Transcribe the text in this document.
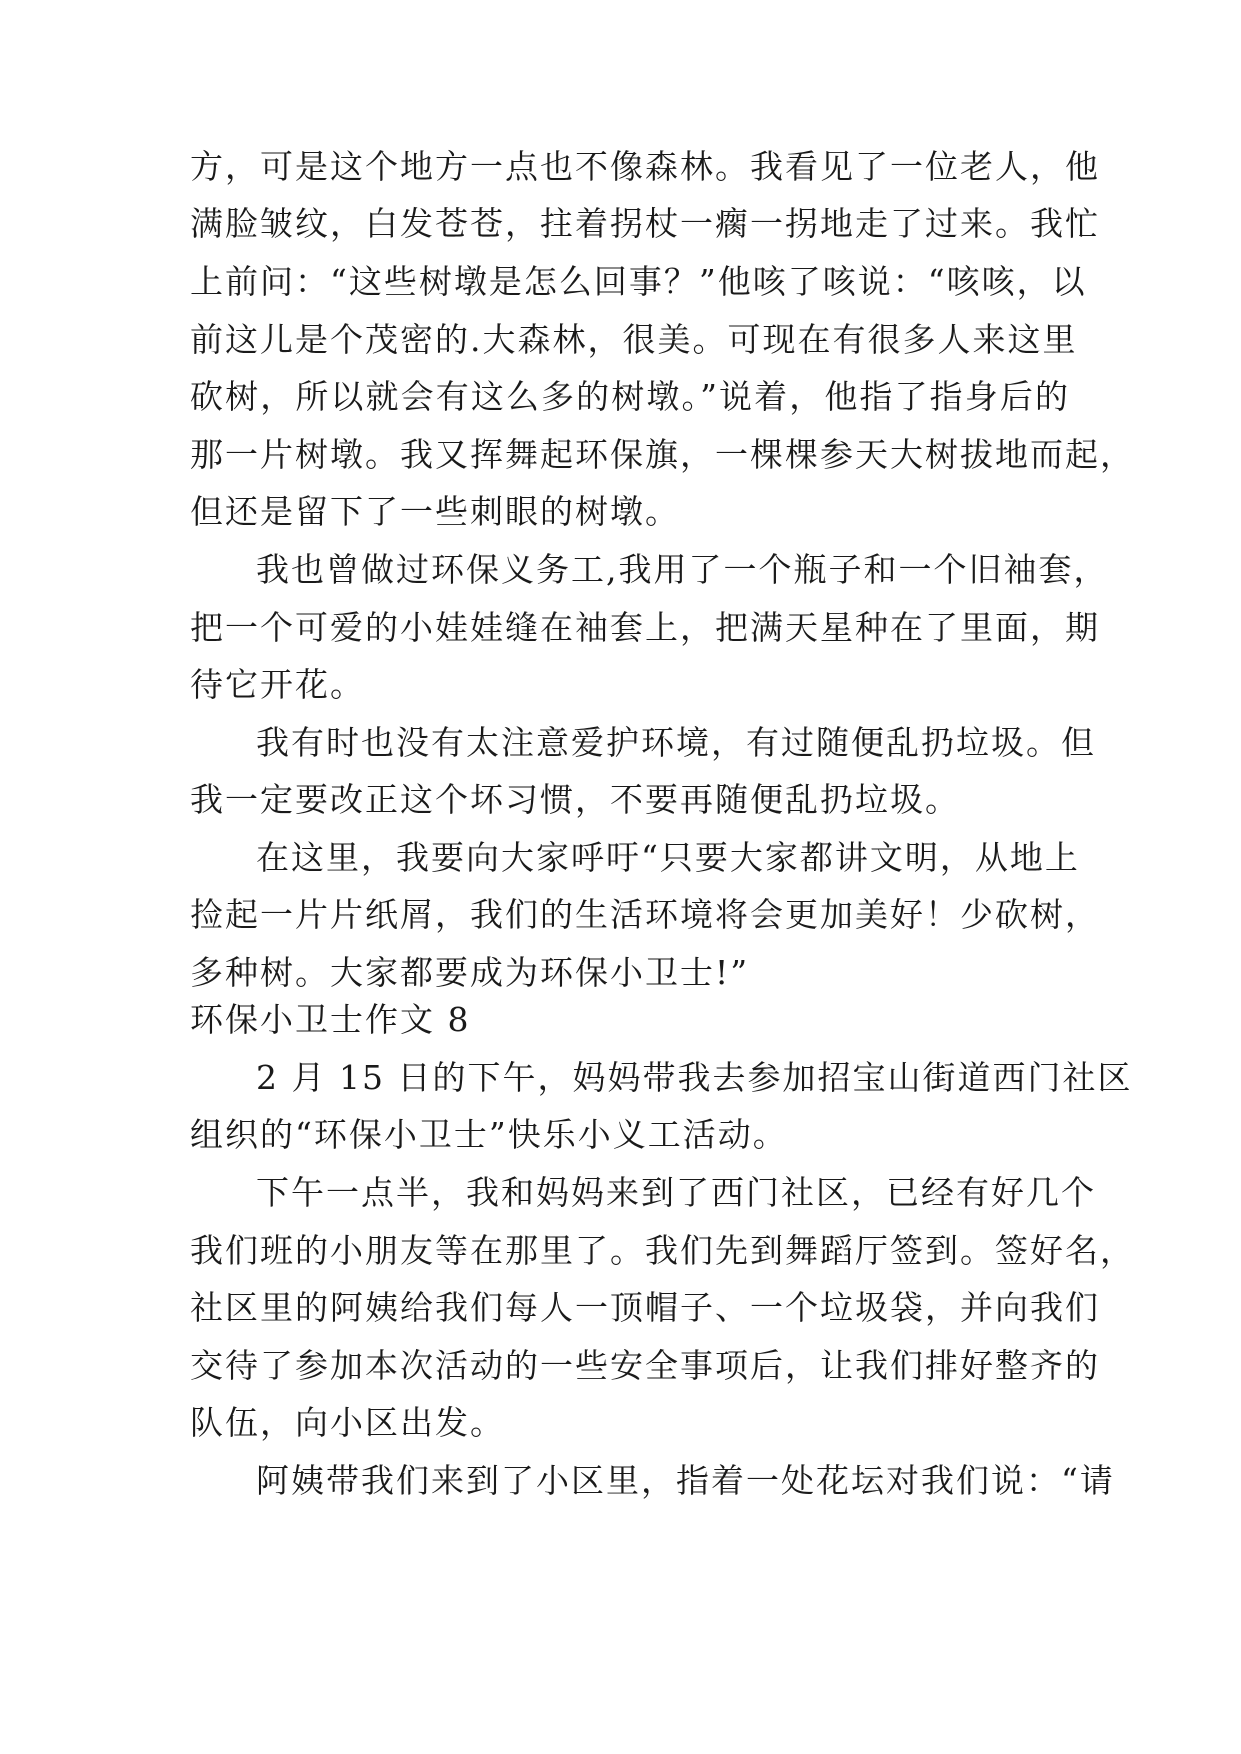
方，可是这个地方一点也不像森林。我看见了一位老人，他
满脸皱纹，白发苍苍，拄着拐杖一瘸一拐地走了过来。我忙
上前问：“这些树墩是怎么回事？”他咳了咳说：“咳咳，以
前这儿是个茂密的.大森林，很美。可现在有很多人来这里
砍树，所以就会有这么多的树墩。”说着，他指了指身后的
那一片树墩。我又挥舞起环保旗，一棵棵参天大树拔地而起，
但还是留下了一些刺眼的树墩。
我也曾做过环保义务工,我用了一个瓶子和一个旧袖套，
把一个可爱的小娃娃缝在袖套上，把满天星种在了里面，期
待它开花。
我有时也没有太注意爱护环境，有过随便乱扔垃圾。但
我一定要改正这个坏习惯，不要再随便乱扔垃圾。
在这里，我要向大家呼吁“只要大家都讲文明，从地上
捡起一片片纸屑，我们的生活环境将会更加美好！少砍树，
多种树。大家都要成为环保小卫士!”
环保小卫士作文 8
2 月 15 日的下午，妈妈带我去参加招宝山街道西门社区
组织的“环保小卫士”快乐小义工活动。
下午一点半，我和妈妈来到了西门社区，已经有好几个
我们班的小朋友等在那里了。我们先到舞蹈厅签到。签好名，
社区里的阿姨给我们每人一顶帽子、一个垃圾袋，并向我们
交待了参加本次活动的一些安全事项后，让我们排好整齐的
队伍，向小区出发。
阿姨带我们来到了小区里，指着一处花坛对我们说：“请
